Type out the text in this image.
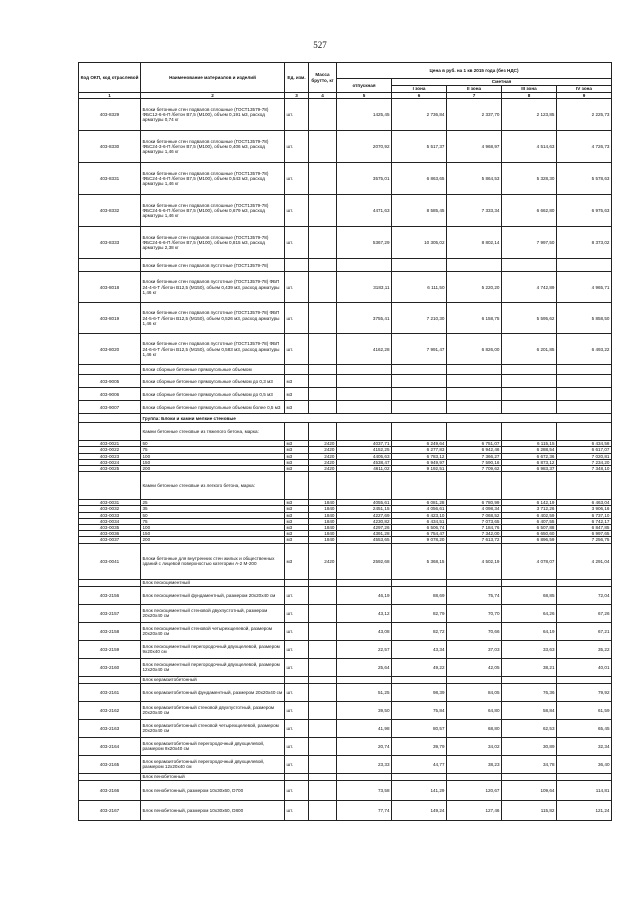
527
Код ОКП, код отраслевой	Наименование материалов и изделий	Ед. изм.	Масса брутто, кг	Цена в руб. на 1 кв 2015 года (без НДС)				
				отпускная	Сметная			
					I зона	II зона	III зона	IV зона
1	2	3	4	5	6	7	8	9
403-8329	Блоки бетонные стен подвалов сплошные (ГОСТ13579-78) ФБС12-6-6-П /бетон В7,5 (М100), объем 0,191 м3, расход арматуры 0,74 кг	шт.		1425,45	2 736,84	2 337,70	2 123,85	2 225,73
403-8330	Блоки бетонные стен подвалов сплошные (ГОСТ13579-78) ФБС24-3-6-П /бетон В7,5 (М100), объем 0,406 м3, расход арматуры 1,46 кг	шт.		2070,92	5 517,37	4 968,97	4 514,63	4 726,73
403-8331	Блоки бетонные стен подвалов сплошные (ГОСТ13579-78) ФБС24-4-6-П /бетон В7,5 (М100), объем 0,543 м3, расход арматуры 1,46 кг	шт.		3575,01	6 863,65	5 864,53	5 328,30	5 578,63
403-8332	Блоки бетонные стен подвалов сплошные (ГОСТ13579-78) ФБС24-5-6-П /бетон В7,5 (М100), объем 0,679 м3, расход арматуры 1,46 кг	шт.		4471,63	8 585,45	7 333,34	6 662,80	6 975,63
403-8333	Блоки бетонные стен подвалов сплошные (ГОСТ13579-78) ФБС24-6-6-П /бетон В7,5 (М100), объем 0,815 м3, расход арматуры 2,38 кг	шт.		5367,29	10 305,02	8 802,14	7 997,50	8 373,02
	Блоки бетонные стен подвалов пустотные (ГОСТ13579-78)							
403-8018	Блоки бетонные стен подвалов пустотные (ГОСТ13579-78) ФБП 24-4-6-Т /бетон В12,5 (М150), объем 0,439 м3, расход арматуры 1,46 кг	шт.		3183,11	6 111,50	5 220,20	4 742,89	4 965,71
403-8019	Блоки бетонные стен подвалов пустотные (ГОСТ13579-78) ФБП 24-5-6-Т /бетон В12,5 (М150), объем 0,526 м3, расход арматуры 1,46 кг	шт.		3755,41	7 210,30	6 158,75	5 595,62	5 858,50
403-8020	Блоки бетонные стен подвалов пустотные (ГОСТ13579-78) ФБП 24-6-6-Т /бетон В12,5 (М150), объем 0,583 м3, расход арматуры 1,46 кг	шт.		4162,28	7 991,47	6 826,00	6 201,85	6 493,22
	Блоки сборные бетонные прямоугольные объемом							
403-9005	Блоки сборные бетонные прямоугольные объемом до 0,3 м3	м3						
403-9006	Блоки сборные бетонные прямоугольные объемом до 0,5 м3	м3						
403-9007	Блоки сборные бетонные прямоугольные объемом более 0,5 м3	м3						
	Группа: Блоки и камни мелкие стеновые							
	Камни бетонные стеновые из тяжелого бетона, марка:							
403-0021	50	м3	2420	4037,71	6 249,64	6 751,07	6 115,15	6 434,58
403-0022	75	м3	2420	4152,25	6 277,83	6 942,46	6 288,54	6 617,07
403-0023	100	м3	2420	4405,63	6 783,12	7 366,27	6 672,36	7 020,81
403-0024	150	м3	2420	4538,47	6 949,97	7 590,16	6 873,12	7 234,20
403-0025	200	м3	2420	4611,02	9 192,51	7 709,62	6 983,37	7 348,10
	Камни бетонные стеновые из легкого бетона, марка:							
403-0031	25	м3	1840	4055,61	6 081,28	6 780,99	6 142,19	6 463,04
403-0032	35	м3	1840	2451,15	4 056,61	4 098,34	3 712,26	3 906,16
403-0033	50	м3	1840	4227,69	6 423,10	7 068,52	6 402,59	6 737,10
403-0034	75	м3	1840	4230,82	6 434,51	7 073,65	6 407,55	6 742,17
403-0035	100	м3	1840	4297,26	6 506,74	7 184,76	6 507,88	6 847,85
403-0036	150	м3	1840	4391,28	6 754,47	7 342,00	6 650,60	6 997,65
403-0037	200	м3	1840	4553,65	9 078,20	7 613,72	6 896,59	7 256,75
403-0041	Блоки бетонные для внутренних стен жилых и общественных зданий с лицевой поверхностью категории А-2 М-200	м3	2420	2592,68	5 368,15	4 502,19	4 078,07	4 291,04
	Блок пескоцементный							
403-2156	Блок пескоцементный фундаментный, размером 20х20х40 см	шт.		46,19	88,69	75,74	68,85	72,04
403-2157	Блок пескоцементный стеновой двухпустотный, размером 20х20х40 см	шт.		43,12	82,79	70,70	64,26	67,26
403-2158	Блок пескоцементный стеновой четырехщелевой, размером 20х20х40 см	шт.		43,08	82,72	70,66	64,19	67,21
403-2159	Блок пескоцементный перегородочный двухщелевой, размером 9х20х40 см	шт.		22,57	43,34	37,03	33,63	35,22
403-2160	Блок пескоцементный перегородочный двухщелевой, размером 12х20х40 см	шт.		25,64	49,22	42,05	38,21	40,01
	Блок керамзитобетонный							
403-2161	Блок керамзитобетонный фундаментный, размером 20х20х40 см	шт.		51,25	98,39	84,05	76,36	79,92
403-2162	Блок керамзитобетонный стеновой двухпустотный, размером 20х20х40 см	шт.		39,50	75,84	64,80	58,84	61,59
403-2163	Блок керамзитобетонный стеновой четырехщелевой, размером 20х20х40 см	шт.		41,98	80,57	68,80	62,53	65,45
403-2164	Блок керамзитобетонный перегородочный двухщелевой, размером 9х20х40 см	шт.		20,74	39,79	34,02	30,89	32,34
403-2165	Блок керамзитобетонный перегородочный двухщелевой, размером 12х20х40 см	шт.		23,33	44,77	38,23	34,78	36,40
	Блок пенобетонный							
403-2166	Блок пенобетонный, размером 10х30х60, D700	шт.		73,58	141,29	120,67	109,64	114,81
403-2167	Блок пенобетонный, размером 10х30х60, D800	шт.		77,74	149,24	127,46	115,82	121,24
